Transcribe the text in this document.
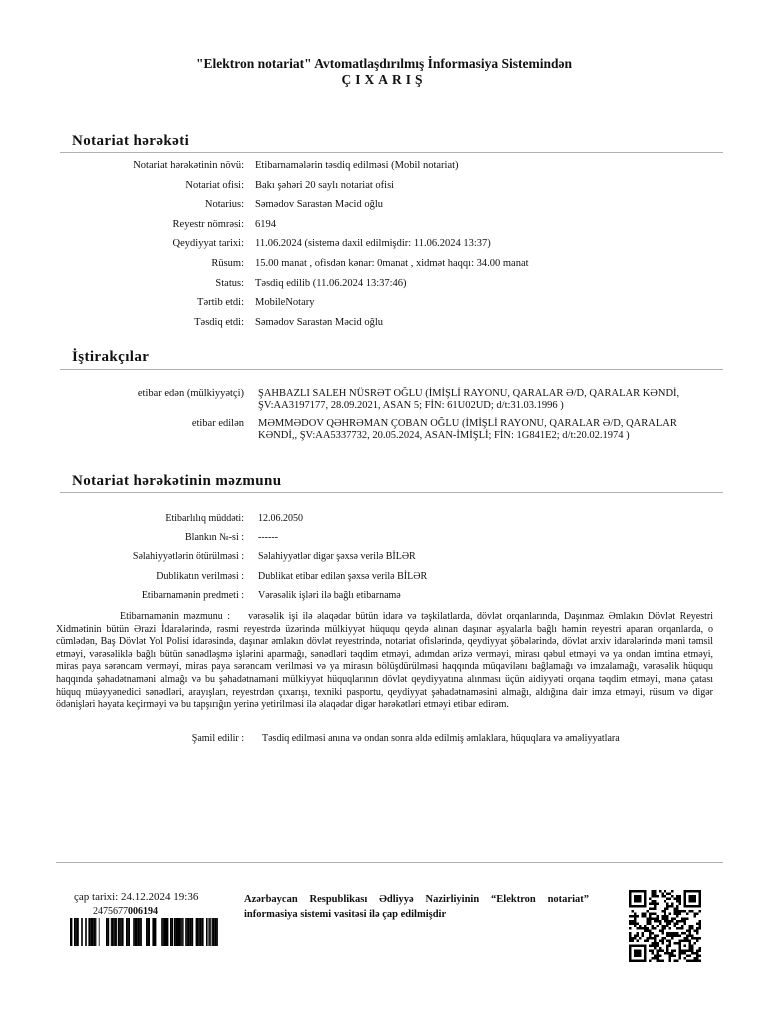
"Elektron notariat" Avtomatlaşdırılmış İnformasiya Sistemindən
ÇIXARIŞ
Notariat hərəkəti
Notariat hərəkətinin növü: Etibarnamələrin təsdiq edilməsi (Mobil notariat)
Notariat ofisi: Bakı şəhəri 20 saylı notariat ofisi
Notarius: Səmədov Sarastən Məcid oğlu
Reyestr nömrəsi: 6194
Qeydiyyat tarixi: 11.06.2024 (sistemə daxil edilmişdir: 11.06.2024 13:37)
Rüsum: 15.00 manat , ofisdən kənar: 0manat , xidmət haqqı: 34.00 manat
Status: Təsdiq edilib (11.06.2024 13:37:46)
Tərtib etdi: MobileNotary
Təsdiq etdi: Səmədov Sarastən Məcid oğlu
İştirakçılar
etibar edən (mülkiyyətçi) ŞAHBAZLI SALEH NÜSRƏT OĞLU (İMİŞLİ RAYONU, QARALAR Ə/D, QARALAR KƏNDİ, ŞV:AA3197177, 28.09.2021, ASAN 5; FİN: 61U02UD; d/t:31.03.1996 )
etibar edilən MƏMMƏDOV QƏHRƏMAN ÇOBAN OĞLU (İMİŞLİ RAYONU, QARALAR Ə/D, QARALAR KƏNDİ,, ŞV:AA5337732, 20.05.2024, ASAN-İMİŞLİ; FİN: 1G841E2; d/t:20.02.1974 )
Notariat hərəkətinin məzmunu
Etibarlılıq müddəti: 12.06.2050
Blankın №-si : ------
Səlahiyyətlərin ötürülməsi : Səlahiyyətlər digər şəxsə verilə BİLƏR
Dublikatın verilməsi : Dublikat etibar edilən şəxsə verilə BİLƏR
Etibarnamənin predmeti : Vərəsəlik işləri ilə bağlı etibarnamə
Etibarnamənin məzmunu : vərəsəlik işi ilə əlaqədar bütün idarə və təşkilatlarda, dövlət orqanlarında, Daşınmaz Əmlakın Dövlət Reyestri Xidmətinin bütün Ərazi İdarələrində, rəsmi reyestrdə üzərində mülkiyyət hüququ qeydə alınan daşınar əşyalarla bağlı həmin reyestri aparan orqanlarda, o cümlədən, Baş Dövlət Yol Polisi idarəsində, daşınar əmlakın dövlət reyestrində, notariat ofislərində, qeydiyyat şöbələrində, dövlət arxiv idarələrində məni təmsil etməyi, vərəsəliklə bağlı bütün sənədləşmə işlərini aparmağı, sənədləri təqdim etməyi, adımdan ərizə verməyi, mirası qəbul etməyi və ya ondan imtina etməyi, miras paya sərəncam verməyi, miras paya sərəncam verilməsi və ya mirasın bölüşdürülməsi haqqında müqavilənı bağlamağı və imzalamağı, vərəsəlik hüququ haqqında şəhadətnaməni almağı və bu şəhadətnaməni mülkiyyət hüquqlarının dövlət qeydiyyatına alınması üçün aidiyyəti orqana təqdim etməyi, mənə çatası hüquq müəyyənedici sənədləri, arayışları, reyestrdən çıxarışı, texniki pasportu, qeydiyyat şəhadətnaməsini almağı, aldığına dair imza etməyi, rüsum və digər ödənişləri həyata keçirməyi və bu tapşırığın yerinə yetirilməsi ilə əlaqədar digər hərəkətləri etməyi etibar edirəm.
Şamil edilir : Təsdiq edilməsi anına və ondan sonra əldə edilmiş əmlaklara, hüquqlara və əməliyyatlara
çap tarixi: 24.12.2024 19:36
2475677006194
Azərbaycan Respublikası Ədliyyə Nazirliyinin “Elektron notariat” informasiya sistemi vasitəsi ilə çap edilmişdir
